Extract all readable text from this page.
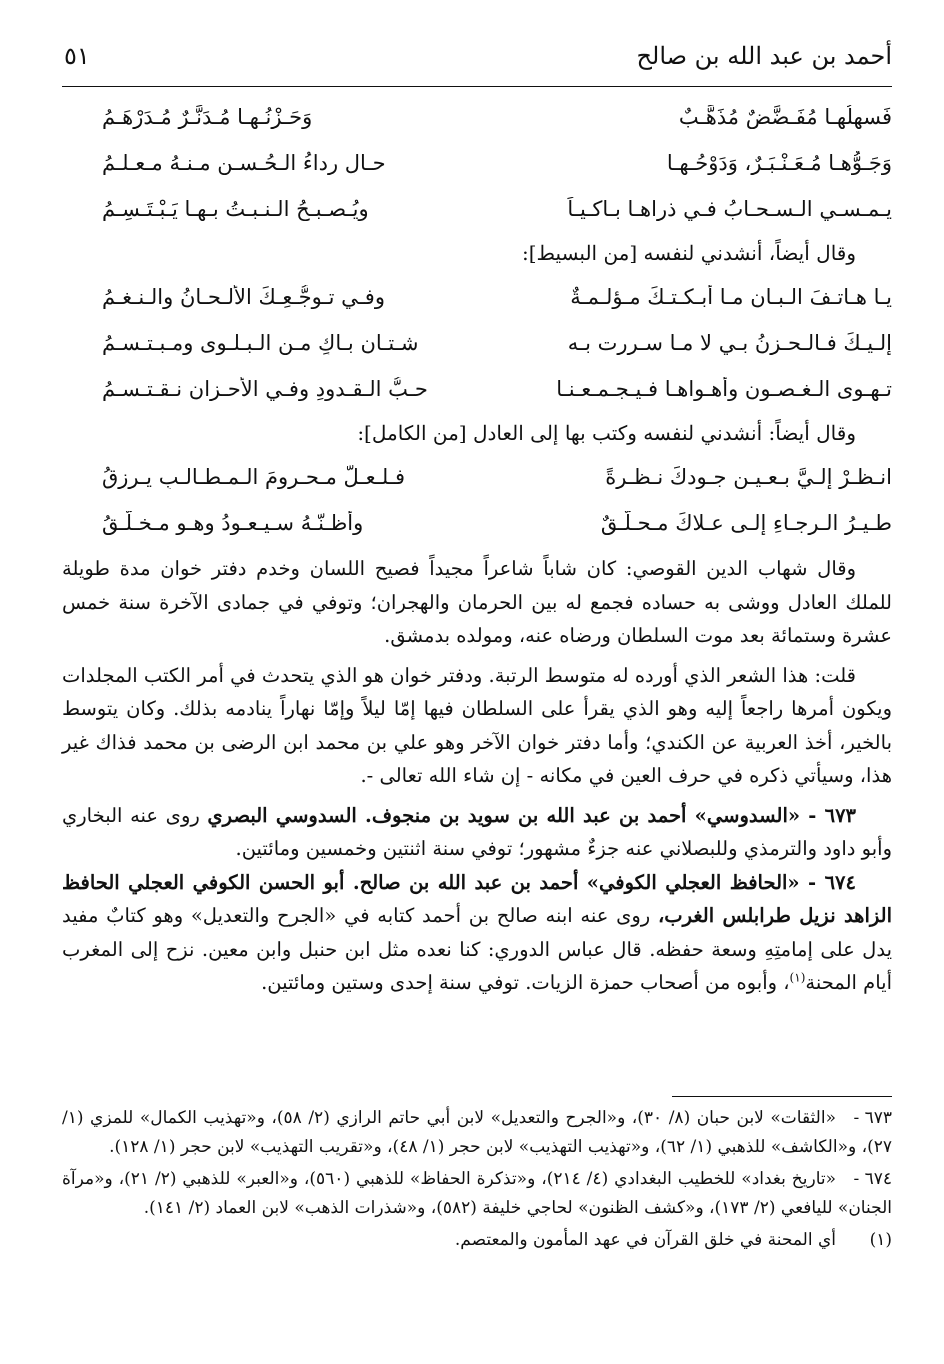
أحمد بن عبد الله بن صالح
٥١
فَسهلُهـا مُفَـضَّضٌ مُذَهَّـبٌ
وَحَـزْنُـهـا مُـدَنَّـرٌ مُـدَرْهَـمُ
وَجَـوُّهـا مُـعَـنْـبَـرٌ، وَدَوْحُـهـا
حـالِ رداءُ الـحُـسـنِ مـنـهُ مـعـلـمُ
يـمـسـي الـسـحـابُ فـي ذراهـا بـاكـيـاً
ويُـصـبـحُ الـنـبـتُ بـهـا يَـبْـتَـسِـمُ
وقال أيضاً، أنشدني لنفسه [من البسيط]:
يـا هـاتـفَ الـبـانِ مـا أبـكـتـكَ مـؤلـمـةٌ
وفـي تـوجُّـعِـكَ الألـحـانُ والـنـغـمُ
إلـيـكَ فـالـحـزنُ بـي لا مـا سـررت بـه
شـتـان بـاكٍ مـن الـبـلـوى ومـبـتـسـمُ
تـهـوى الـغـصـون وأهـواهـا فـيـجـمـعـنـا
حـبُّ الـقـدودِ وفـي الأحـزان نـقـتـسـمُ
وقال أيضاً: أنشدني لنفسه وكتب بها إلى العادل [من الكامل]:
انـظـرْ إلـيَّ بـعـيـنِ جـودكَ نـظـرةً
فـلـعـلَّ مـحـرومَ الـمـطـالـبِ يـرزقُ
طـيـرُ الـرجـاءِ إلـى عـلاكَ مـحـلّـقٌ
وأظـنّـهُ سـيـعـودُ وهـو مـخـلَّـقُ

وقال شهاب الدين القوصي: كان شاباً شاعراً مجيداً فصيح اللسان وخدم دفتر خوان مدة طويلة للملك العادل ووشى به حساده فجمع له بين الحرمان والهجران؛ وتوفي في جمادى الآخرة سنة خمس عشرة وستمائة بعد موت السلطان ورضاه عنه، ومولده بدمشق.

قلت: هذا الشعر الذي أورده له متوسط الرتبة. ودفتر خوان هو الذي يتحدث في أمر الكتب المجلدات ويكون أمرها راجعاً إليه وهو الذي يقرأ على السلطان فيها إمّا ليلاً وإمّا نهاراً ينادمه بذلك. وكان يتوسط بالخير، أخذ العربية عن الكندي؛ وأما دفتر خوان الآخر وهو علي بن محمد ابن الرضى بن محمد فذاك غير هذا، وسيأتي ذكره في حرف العين في مكانه - إن شاء الله تعالى -.

٦٧٣ - «السدوسي» أحمد بن عبد الله بن سويد بن منجوف. السدوسي البصري روى عنه البخاري وأبو داود والترمذي وللبصلاني عنه جزءٌ مشهور؛ توفي سنة اثنتين وخمسين ومائتين.

٦٧٤ - «الحافظ العجلي الكوفي» أحمد بن عبد الله بن صالح. أبو الحسن الكوفي العجلي الحافظ الزاهد نزيل طرابلس الغرب، روى عنه ابنه صالح بن أحمد كتابه في «الجرح والتعديل» وهو كتابٌ مفيد يدل على إمامتِهِ وسعة حفظه. قال عباس الدوري: كنا نعده مثل ابن حنبل وابن معين. نزح إلى المغرب أيام المحنة$^{(١)}$، وأبوه من أصحاب حمزة الزيات. توفي سنة إحدى وستين ومائتين.

٦٧٣ -«الثقات» لابن حبان (٨/ ٣٠)، و«الجرح والتعديل» لابن أبي حاتم الرازي (٢/ ٥٨)، و«تهذيب الكمال» للمزي (١/ ٢٧)، و«الكاشف» للذهبي (١/ ٦٢)، و«تهذيب التهذيب» لابن حجر (١/ ٤٨)، و«تقريب التهذيب» لابن حجر (١/ ١٢٨).

٦٧٤ -«تاريخ بغداد» للخطيب البغدادي (٤/ ٢١٤)، و«تذكرة الحفاظ» للذهبي (٥٦٠)، و«العبر» للذهبي (٢/ ٢١)، و«مرآة الجنان» لليافعي (٢/ ١٧٣)، و«كشف الظنون» لحاجي خليفة (٥٨٢)، و«شذرات الذهب» لابن العماد (٢/ ١٤١).

(١)أي المحنة في خلق القرآن في عهد المأمون والمعتصم.
